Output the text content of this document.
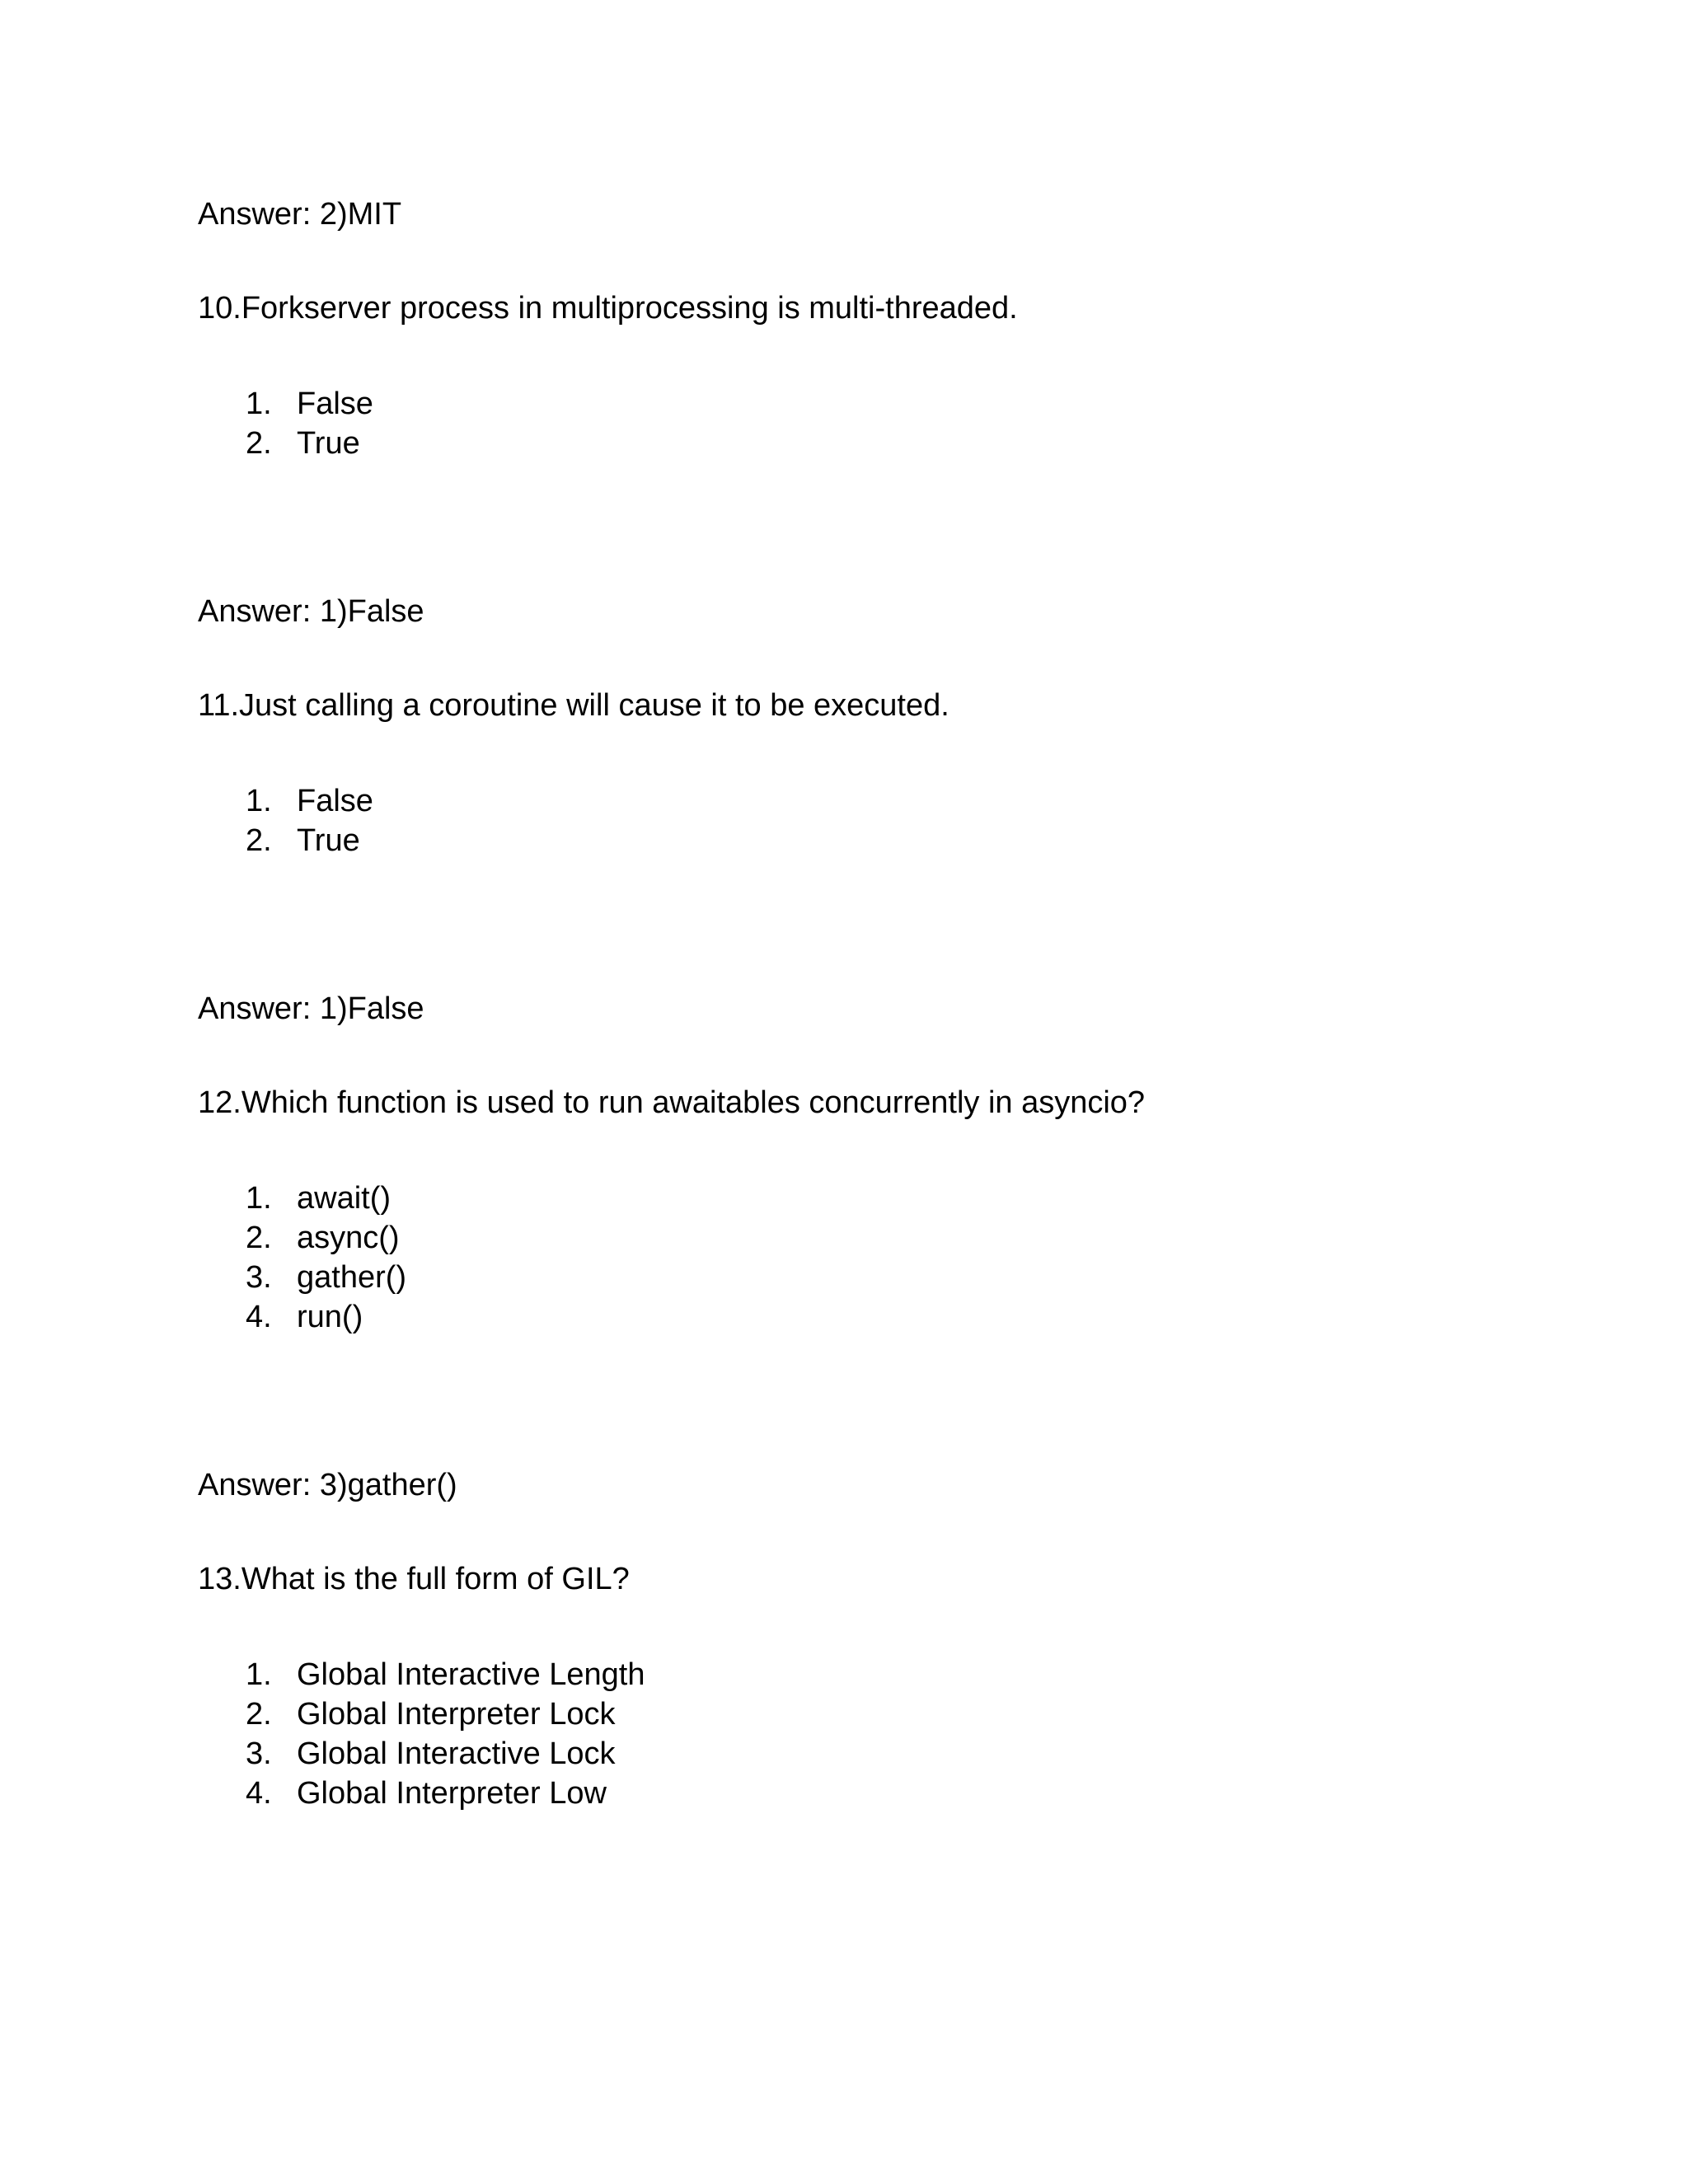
Answer: 2)MIT
10.Forkserver process in multiprocessing is multi-threaded.
1. False
2. True
Answer: 1)False
11.Just calling a coroutine will cause it to be executed.
1. False
2. True
Answer: 1)False
12.Which function is used to run awaitables concurrently in asyncio?
1. await()
2. async()
3. gather()
4. run()
Answer: 3)gather()
13.What is the full form of GIL?
1. Global Interactive Length
2. Global Interpreter Lock
3. Global Interactive Lock
4. Global Interpreter Low
